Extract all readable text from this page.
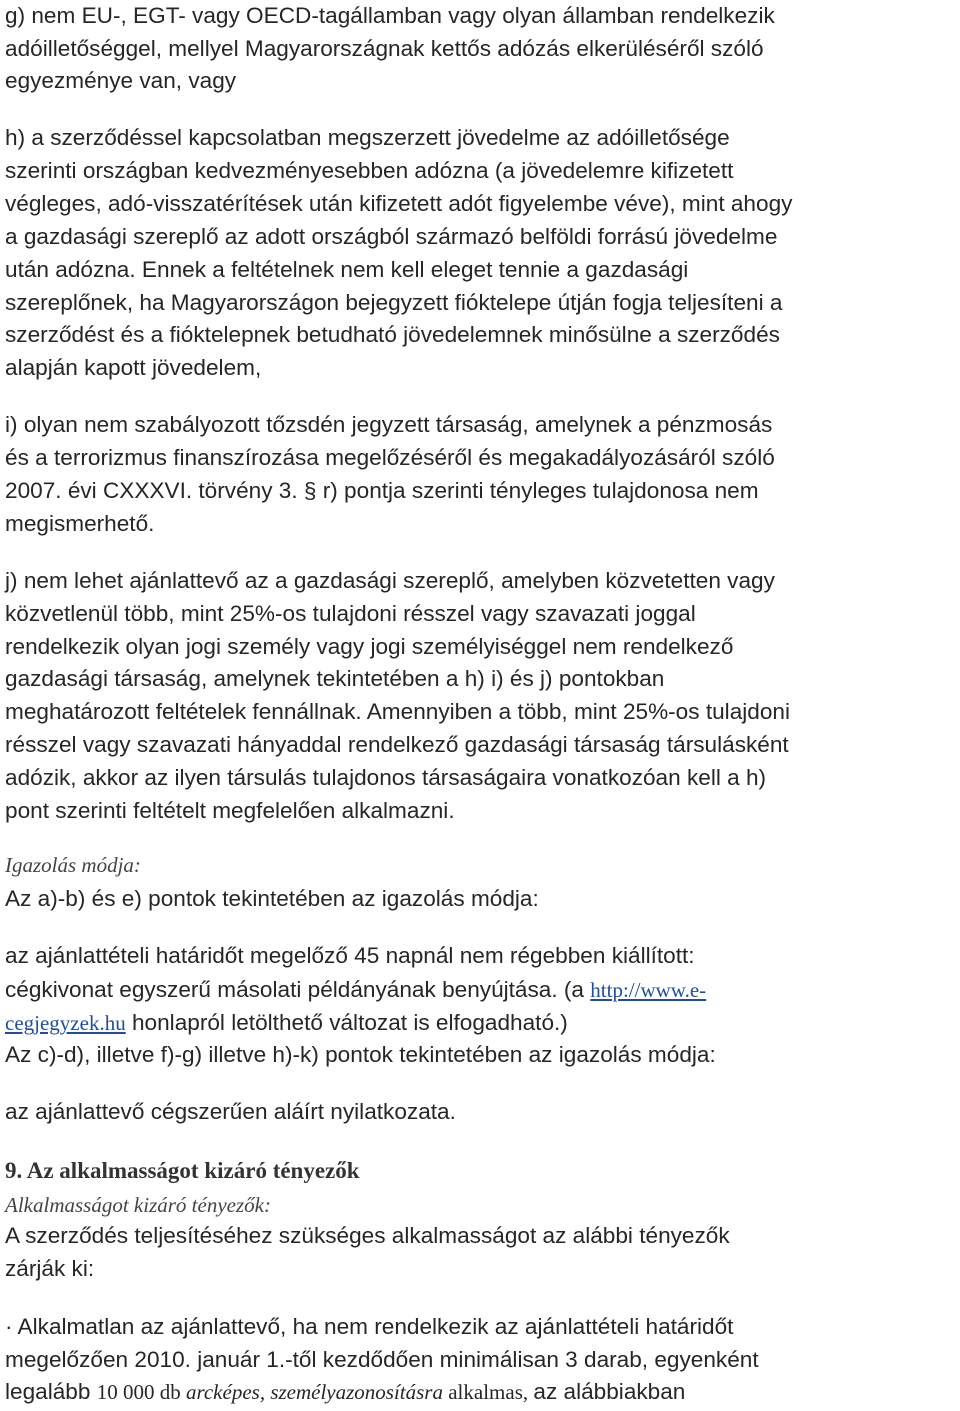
g) nem EU-, EGT- vagy OECD-tagállamban vagy olyan államban rendelkezik
adóilletőséggel, mellyel Magyarországnak kettős adózás elkerüléséről szóló
egyezménye van, vagy
h) a szerződéssel kapcsolatban megszerzett jövedelme az adóilletősége
szerinti országban kedvezményesebben adózna (a jövedelemre kifizetett
végleges, adó-visszatérítések után kifizetett adót figyelembe véve), mint ahogy
a gazdasági szereplő az adott országból származó belföldi forrású jövedelme
után adózna. Ennek a feltételnek nem kell eleget tennie a gazdasági
szereplőnek, ha Magyarországon bejegyzett fióktelepe útján fogja teljesíteni a
szerződést és a fióktelepnek betudható jövedelemnek minősülne a szerződés
alapján kapott jövedelem,
i) olyan nem szabályozott tőzsdén jegyzett társaság, amelynek a pénzmosás
és a terrorizmus finanszírozása megelőzéséről és megakadályozásáról szóló
2007. évi CXXXVI. törvény 3. § r) pontja szerinti tényleges tulajdonosa nem
megismerhető.
j) nem lehet ajánlattevő az a gazdasági szereplő, amelyben közvetetten vagy
közvetlenül több, mint 25%-os tulajdoni résszel vagy szavazati joggal
rendelkezik olyan jogi személy vagy jogi személyiséggel nem rendelkező
gazdasági társaság, amelynek tekintetében a h) i) és j) pontokban
meghatározott feltételek fennállnak. Amennyiben a több, mint 25%-os tulajdoni
résszel vagy szavazati hányaddal rendelkező gazdasági társaság társulásként
adózik, akkor az ilyen társulás tulajdonos társaságaira vonatkozóan kell a h)
pont szerinti feltételt megfelelően alkalmazni.
Igazolás módja:
Az a)-b) és e) pontok tekintetében az igazolás módja:
az ajánlattételi határidőt megelőző 45 napnál nem régebben kiállított:
cégkivonat egyszerű másolati példányának benyújtása. (a http://www.e-
cegjegyzek.hu honlapról letölthető változat is elfogadható.)
Az c)-d), illetve f)-g) illetve h)-k) pontok tekintetében az igazolás módja:
az ajánlattevő cégszerűen aláírt nyilatkozata.
9. Az alkalmasságot kizáró tényezők
Alkalmasságot kizáró tényezők:
A szerződés teljesítéséhez szükséges alkalmasságot az alábbi tényezők
zárják ki:
· Alkalmatlan az ajánlattevő, ha nem rendelkezik az ajánlattételi határidőt
megelőzően 2010. január 1.-től kezdődően minimálisan 3 darab, egyenként
legalább 10 000 db arcképes, személyazonosításra alkalmas, az alábbiakban
